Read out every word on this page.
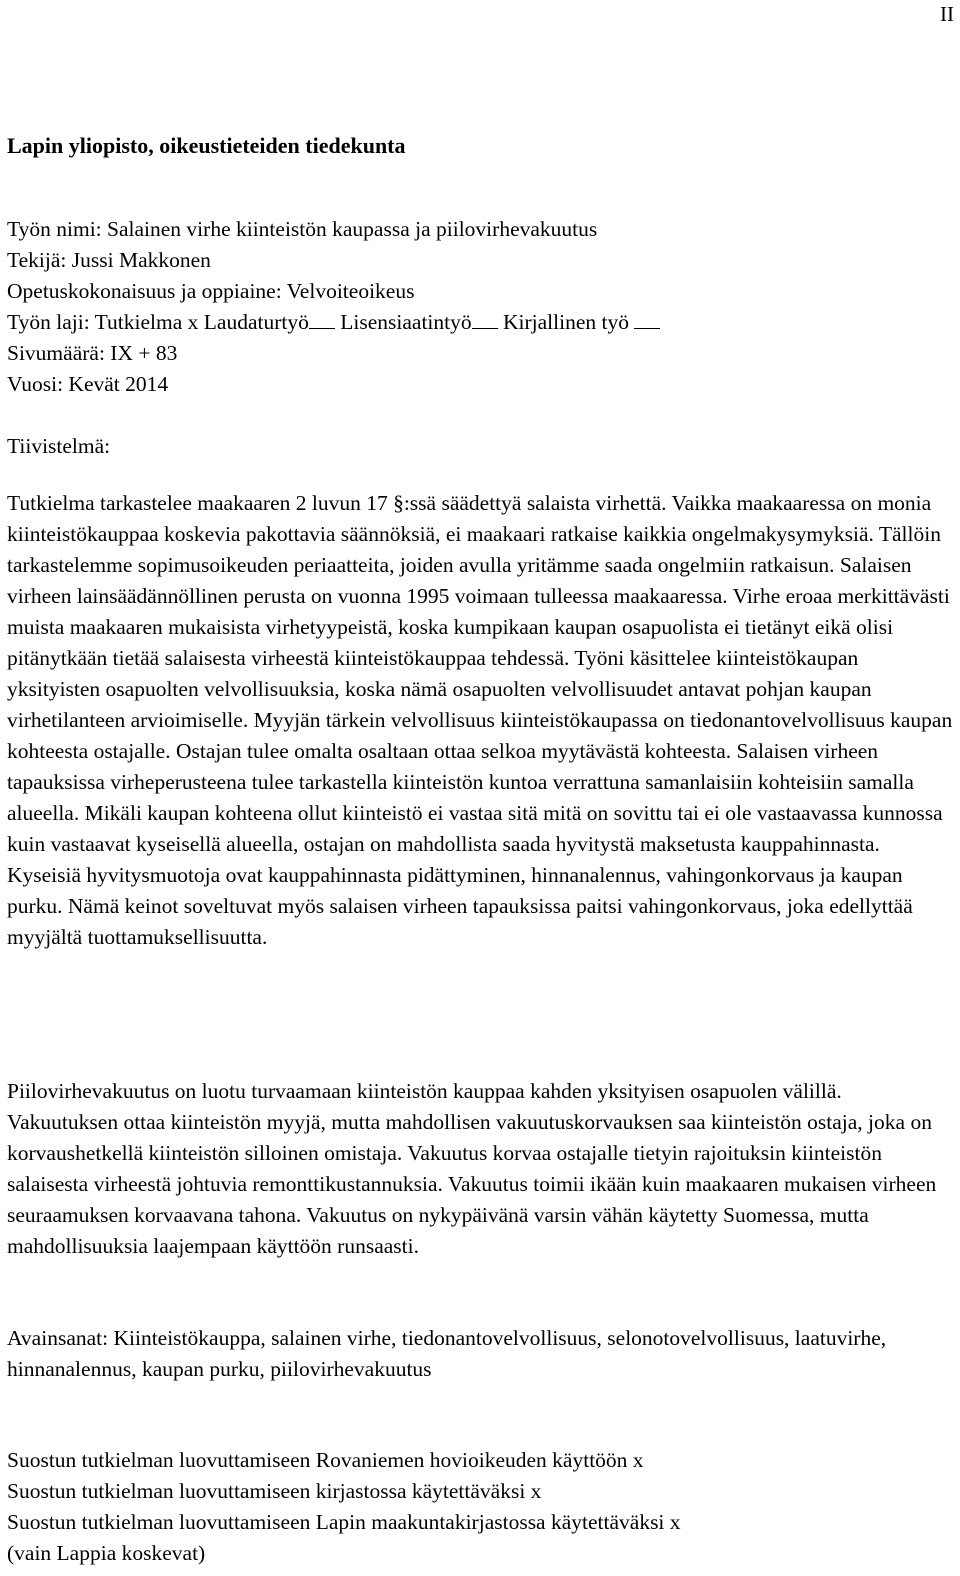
II
Lapin yliopisto, oikeustieteiden tiedekunta
Työn nimi: Salainen virhe kiinteistön kaupassa ja piilovirhevakuutus
Tekijä: Jussi Makkonen
Opetuskokonaisuus ja oppiaine: Velvoiteoikeus
Työn laji: Tutkielma x Laudaturtyö Lisensiaatintyö Kirjallinen työ
Sivumäärä: IX + 83
Vuosi: Kevät 2014
Tiivistelmä:

Tutkielma tarkastelee maakaaren 2 luvun 17 §:ssä säädettyä salaista virhettä. Vaikka maakaaressa on monia kiinteistökauppaa koskevia pakottavia säännöksiä, ei maakaari ratkaise kaikkia ongelmakysymyksiä. Tällöin tarkastelemme sopimusoikeuden periaatteita, joiden avulla yritämme saada ongelmiin ratkaisun. Salaisen virheen lainsäädännöllinen perusta on vuonna 1995 voimaan tulleessa maakaaressa. Virhe eroaa merkittävästi muista maakaaren mukaisista virhetyypeistä, koska kumpikaan kaupan osapuolista ei tietänyt eikä olisi pitänytkään tietää salaisesta virheestä kiinteistökauppaa tehdessä. Työni käsittelee kiinteistökaupan yksityisten osapuolten velvollisuuksia, koska nämä osapuolten velvollisuudet antavat pohjan kaupan virhetilanteen arvioimiselle. Myyjän tärkein velvollisuus kiinteistökaupassa on tiedonantovelvollisuus kaupan kohteesta ostajalle. Ostajan tulee omalta osaltaan ottaa selkoa myytävästä kohteesta. Salaisen virheen tapauksissa virheperusteena tulee tarkastella kiinteistön kuntoa verrattuna samanlaisiin kohteisiin samalla alueella. Mikäli kaupan kohteena ollut kiinteistö ei vastaa sitä mitä on sovittu tai ei ole vastaavassa kunnossa kuin vastaavat kyseisellä alueella, ostajan on mahdollista saada hyvitystä maksetusta kauppahinnasta. Kyseisiä hyvitysmuotoja ovat kauppahinnasta pidättyminen, hinnanalennus, vahingonkorvaus ja kaupan purku. Nämä keinot soveltuvat myös salaisen virheen tapauksissa paitsi vahingonkorvaus, joka edellyttää myyjältä tuottamuksellisuutta.

Piilovirhevakuutus on luotu turvaamaan kiinteistön kauppaa kahden yksityisen osapuolen välillä. Vakuutuksen ottaa kiinteistön myyjä, mutta mahdollisen vakuutuskorvauksen saa kiinteistön ostaja, joka on korvaushetkellä kiinteistön silloinen omistaja. Vakuutus korvaa ostajalle tietyin rajoituksin kiinteistön salaisesta virheestä johtuvia remonttikustannuksia. Vakuutus toimii ikään kuin maakaaren mukaisen virheen seuraamuksen korvaavana tahona. Vakuutus on nykypäivänä varsin vähän käytetty Suomessa, mutta mahdollisuuksia laajempaan käyttöön runsaasti.

Avainsanat: Kiinteistökauppa, salainen virhe, tiedonantovelvollisuus, selonotovelvollisuus, laatuvirhe, hinnanalennus, kaupan purku, piilovirhevakuutus

Suostun tutkielman luovuttamiseen Rovaniemen hovioikeuden käyttöön x
Suostun tutkielman luovuttamiseen kirjastossa käytettäväksi x
Suostun tutkielman luovuttamiseen Lapin maakuntakirjastossa käytettäväksi x
(vain Lappia koskevat)
